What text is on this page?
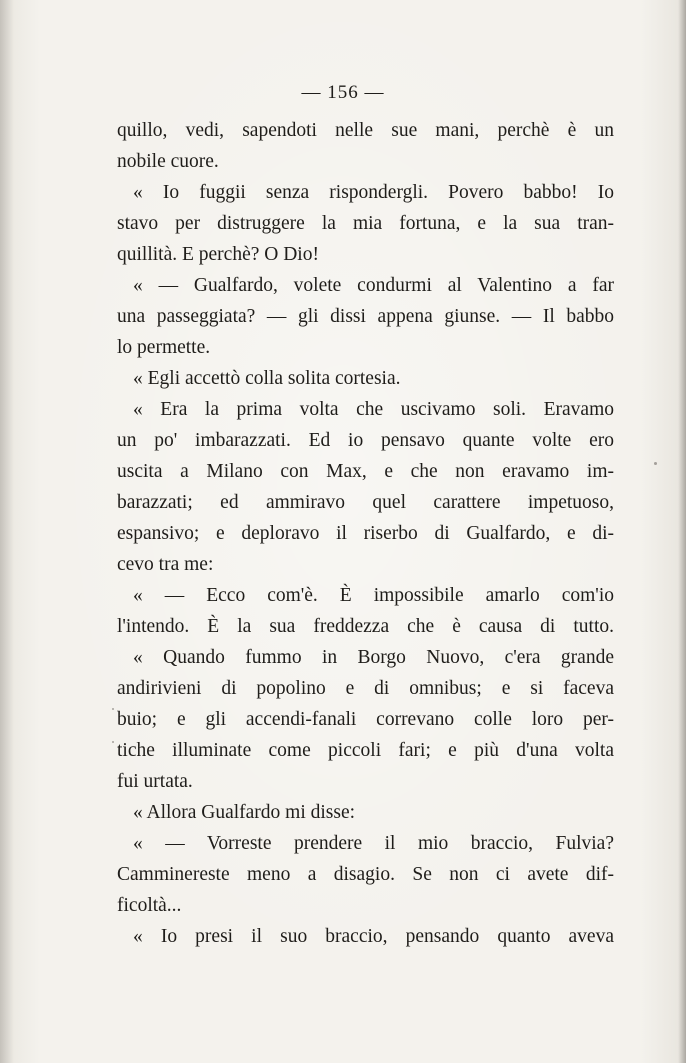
— 156 —
quillo, vedi, sapendoti nelle sue mani, perchè è un
nobile cuore.
« Io fuggii senza rispondergli. Povero babbo! Io
stavo per distruggere la mia fortuna, e la sua tran-
quillità. E perchè? O Dio!
« — Gualfardo, volete condurmi al Valentino a far
una passeggiata? — gli dissi appena giunse. — Il babbo
lo permette.
« Egli accettò colla solita cortesia.
« Era la prima volta che uscivamo soli. Eravamo
un po' imbarazzati. Ed io pensavo quante volte ero
uscita a Milano con Max, e che non eravamo im-
barazzati; ed ammiravo quel carattere impetuoso,
espansivo; e deploravo il riserbo di Gualfardo, e di-
cevo tra me:
« — Ecco com'è. È impossibile amarlo com'io
l'intendo. È la sua freddezza che è causa di tutto.
« Quando fummo in Borgo Nuovo, c'era grande
andirivieni di popolino e di omnibus; e si faceva
buio; e gli accendi-fanali correvano colle loro per-
tiche illuminate come piccoli fari; e più d'una volta
fui urtata.
« Allora Gualfardo mi disse:
« — Vorreste prendere il mio braccio, Fulvia?
Camminereste meno a disagio. Se non ci avete dif-
ficoltà...
« Io presi il suo braccio, pensando quanto aveva
